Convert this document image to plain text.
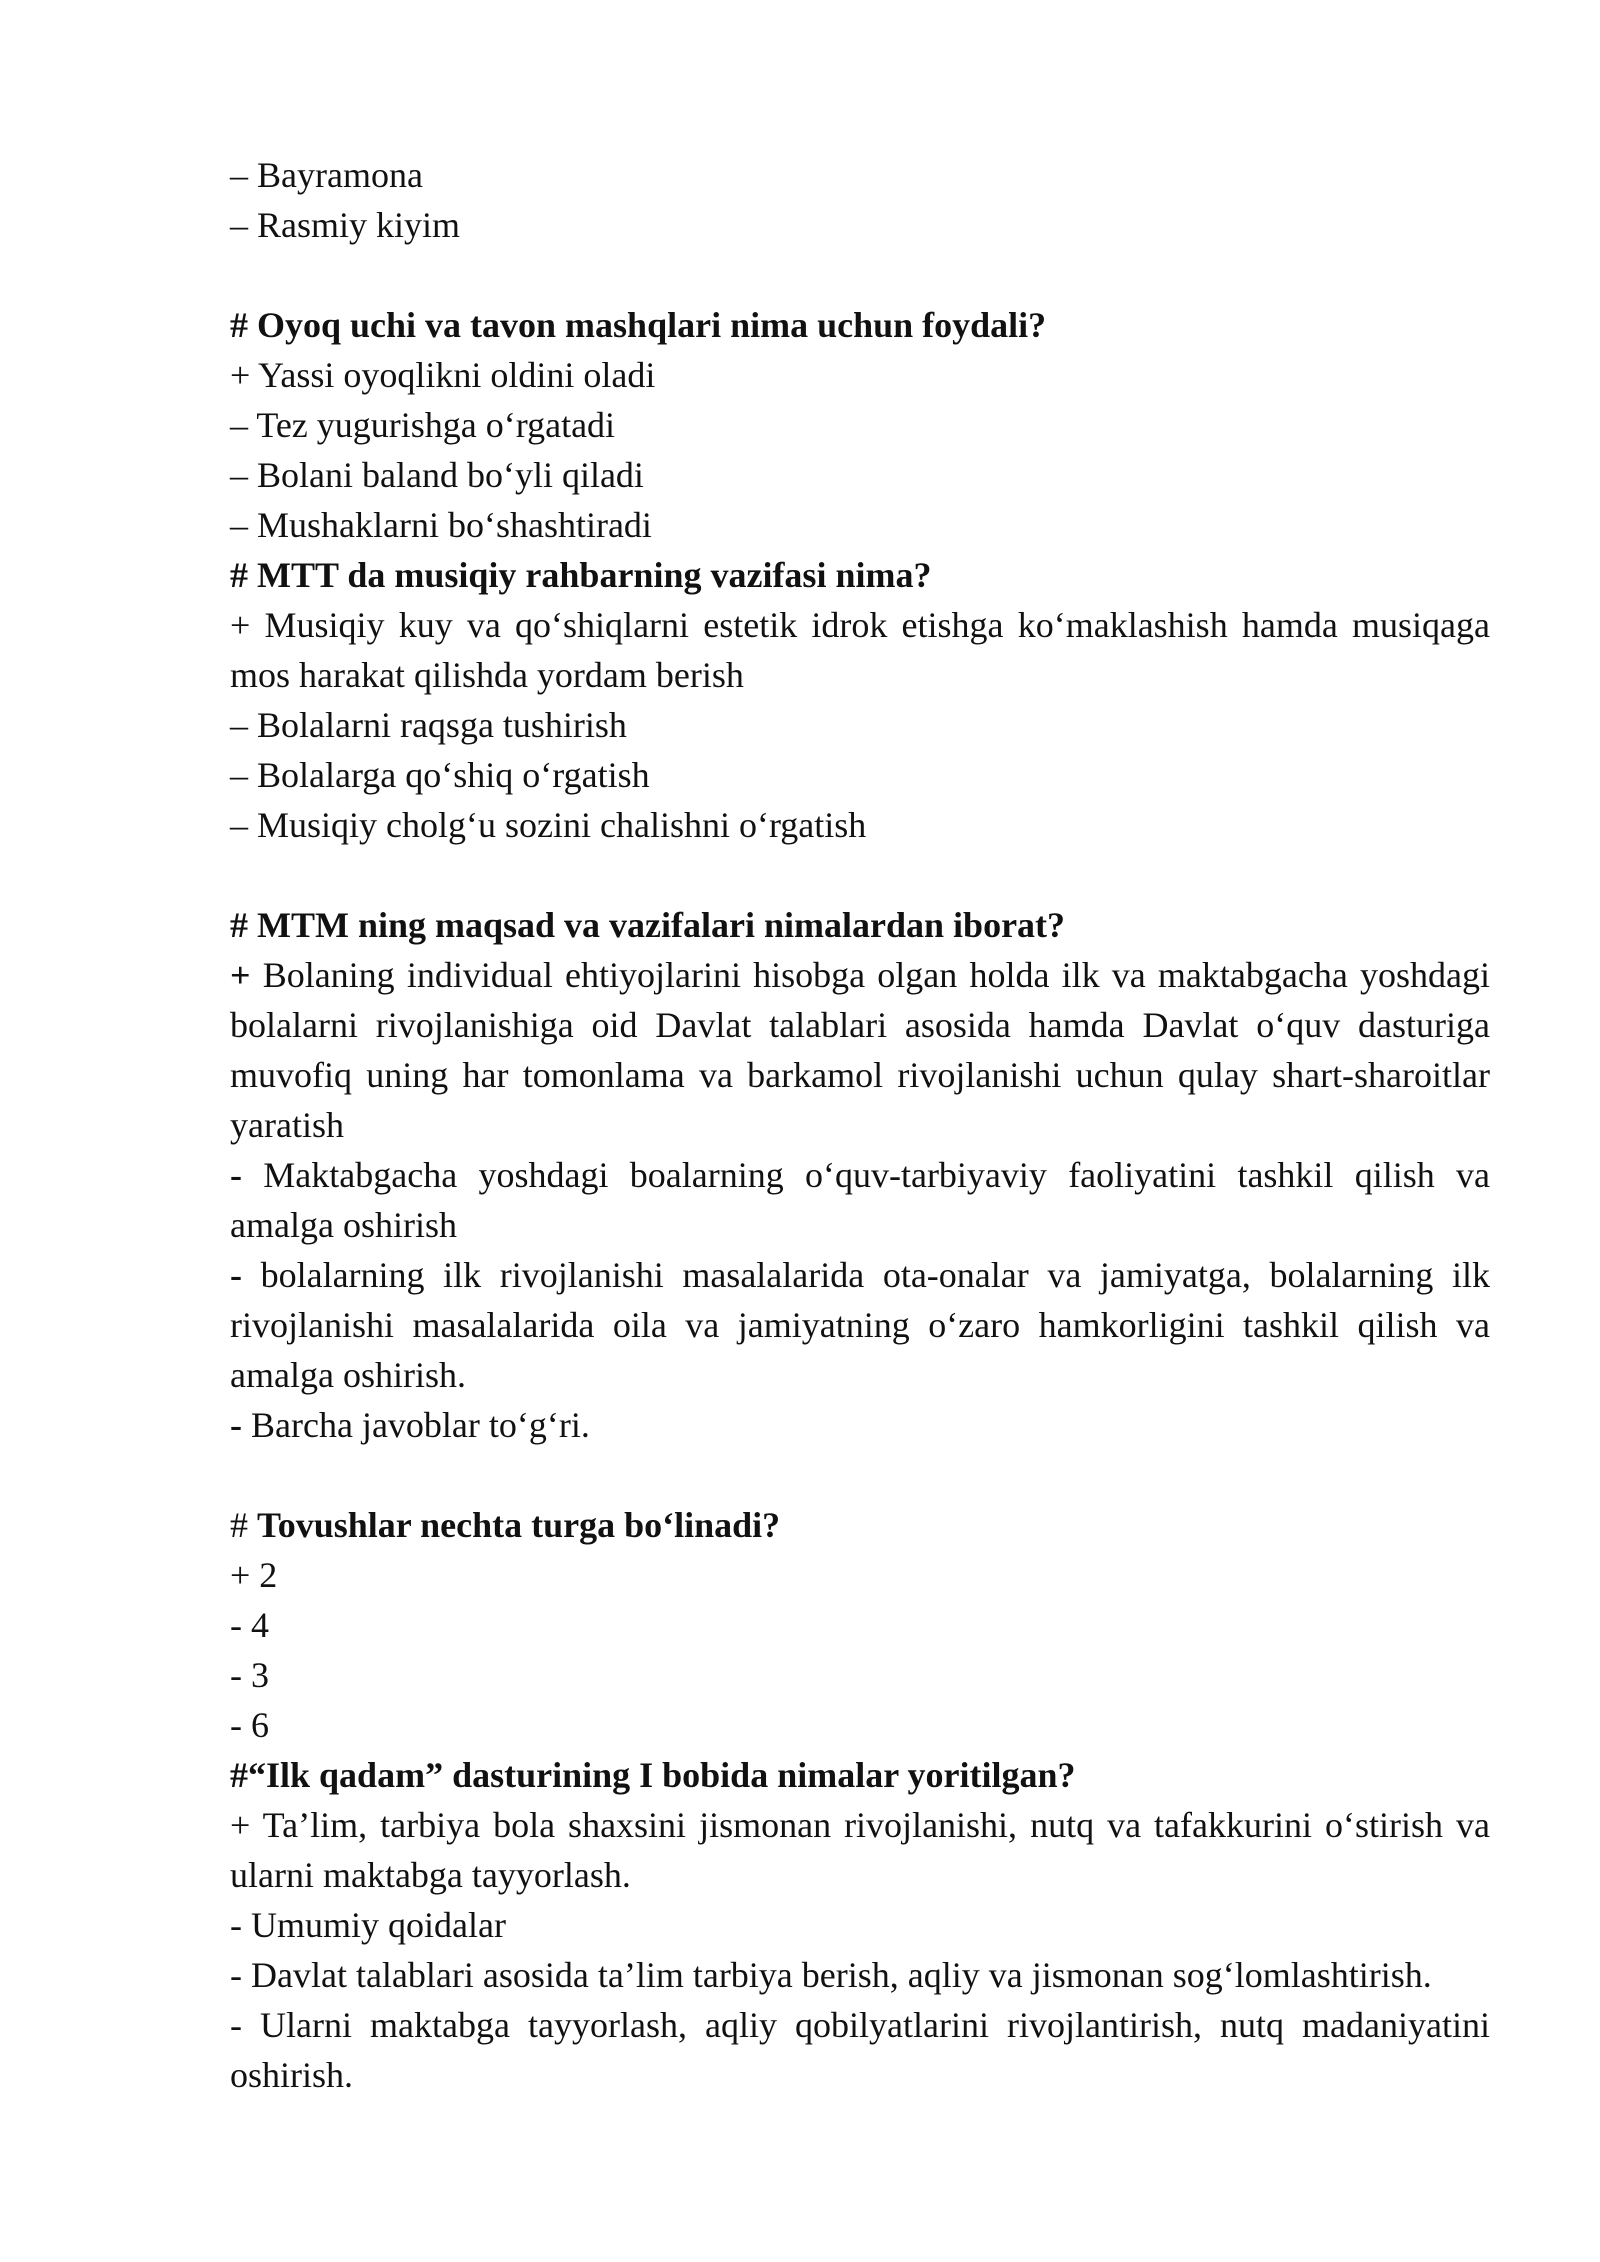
– Bayramona
– Rasmiy kiyim
# Oyoq uchi va tavon mashqlari nima uchun foydali?
+ Yassi oyoqlikni oldini oladi
– Tez yugurishga o‘rgatadi
– Bolani baland bo‘yli qiladi
– Mushaklarni bo‘shashtiradi
# MTT da musiqiy rahbarning vazifasi nima?
+ Musiqiy kuy va qo‘shiqlarni estetik idrok etishga ko‘maklashish hamda musiqaga mos harakat qilishda yordam berish
– Bolalarni raqsga tushirish
– Bolalarga qo‘shiq o‘rgatish
– Musiqiy cholg‘u sozini chalishni o‘rgatish
# MTM ning maqsad va vazifalari nimalardan iborat?
+ Bolaning individual ehtiyojlarini hisobga olgan holda ilk va maktabgacha yoshdagi bolalarni rivojlanishiga oid Davlat talablari asosida hamda Davlat o‘quv dasturiga muvofiq uning har tomonlama va barkamol rivojlanishi uchun qulay shart-sharoitlar yaratish
- Maktabgacha yoshdagi boalarning o‘quv-tarbiyaviy faoliyatini tashkil qilish va amalga oshirish
- bolalarning ilk rivojlanishi masalalarida ota-onalar va jamiyatga, bolalarning ilk rivojlanishi masalalarida oila va jamiyatning o‘zaro hamkorligini tashkil qilish va amalga oshirish.
- Barcha javoblar to‘g‘ri.
# Tovushlar nechta turga bo‘linadi?
+ 2
- 4
- 3
- 6
#“Ilk qadam” dasturining I bobida nimalar yoritilgan?
+ Ta’lim, tarbiya bola shaxsini jismonan rivojlanishi, nutq va tafakkurini o‘stirish va ularni maktabga tayyorlash.
- Umumiy qoidalar
- Davlat talablari asosida ta’lim tarbiya berish, aqliy va jismonan sog‘lomlashtirish.
- Ularni maktabga tayyorlash, aqliy qobilyatlarini rivojlantirish, nutq madaniyatini oshirish.
